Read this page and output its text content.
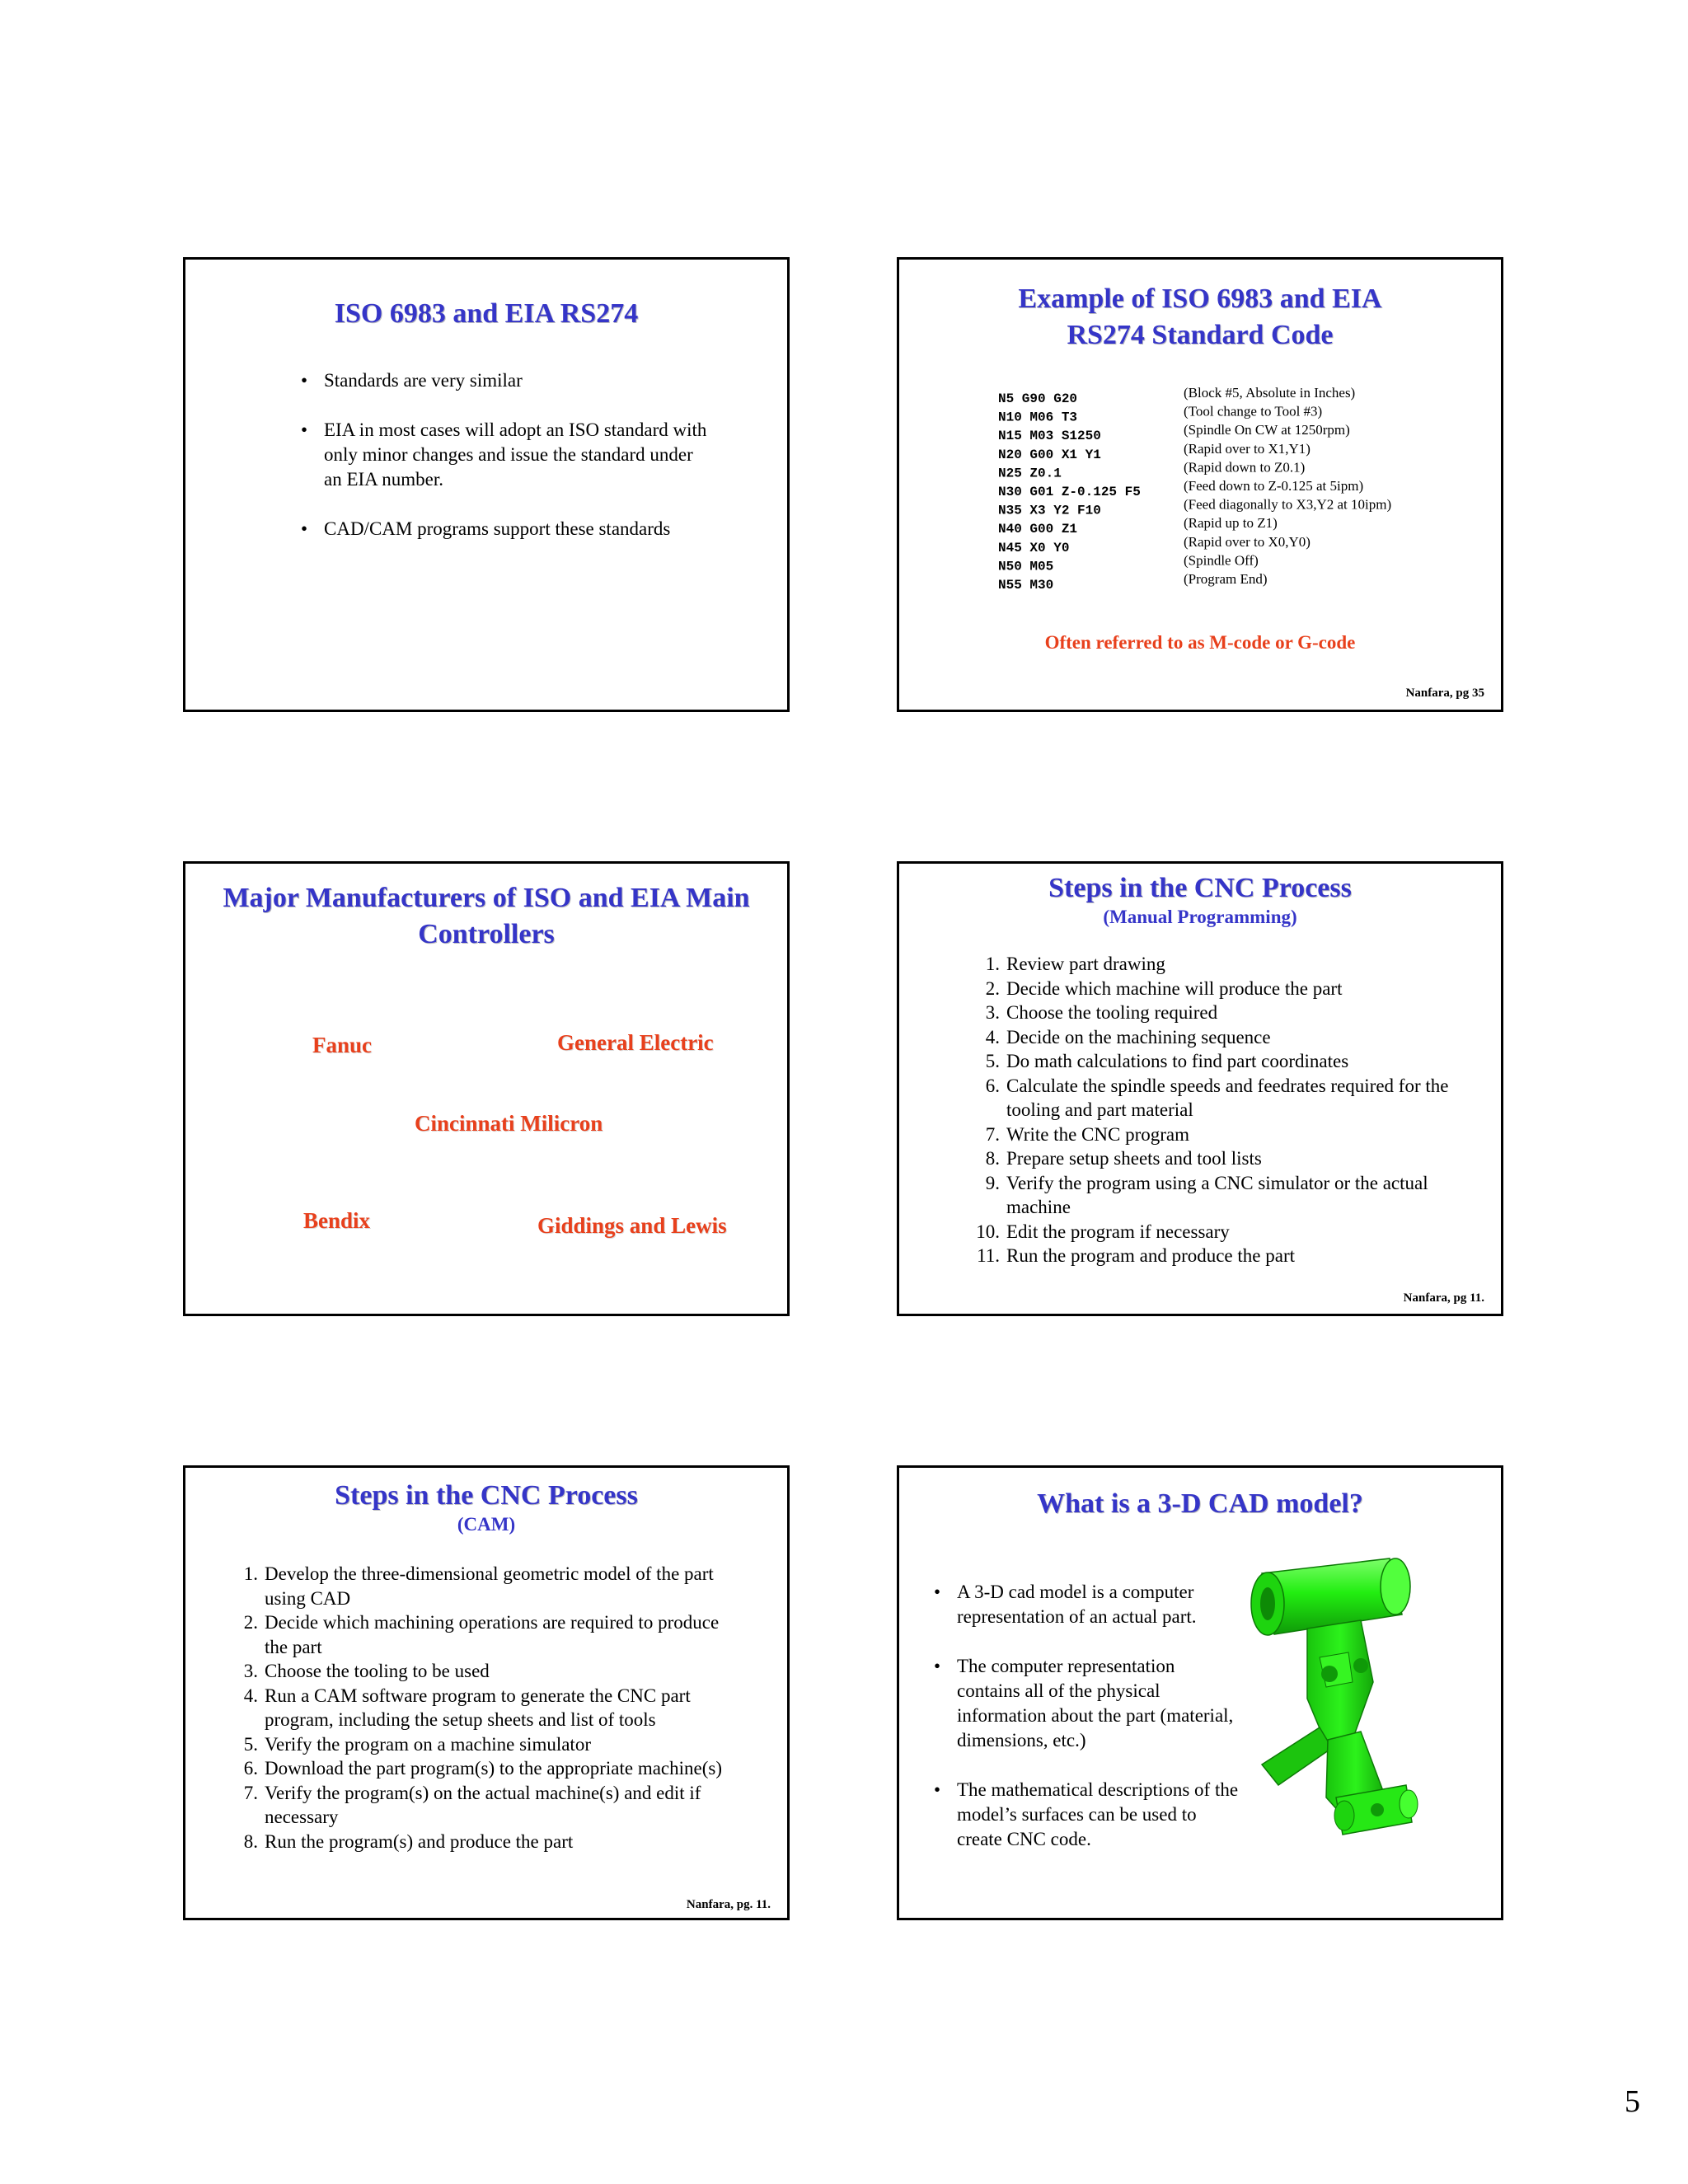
ISO 6983 and EIA RS274
• Standards are very similar
• EIA in most cases will adopt an ISO standard with only minor changes and issue the standard under an EIA number.
• CAD/CAM programs support these standards
Example of ISO 6983 and EIA RS274 Standard Code
N5 G90 G20
N10 M06 T3
N15 M03 S1250
N20 G00 X1 Y1
N25 Z0.1
N30 G01 Z-0.125 F5
N35 X3 Y2 F10
N40 G00 Z1
N45 X0 Y0
N50 M05
N55 M30
(Block #5, Absolute in Inches)
(Tool change to Tool #3)
(Spindle On CW at 1250rpm)
(Rapid over to X1,Y1)
(Rapid down to Z0.1)
(Feed down to Z-0.125 at 5ipm)
(Feed diagonally to X3,Y2 at 10ipm)
(Rapid up to Z1)
(Rapid over to X0,Y0)
(Spindle Off)
(Program End)
Often referred to as M-code or G-code
Nanfara, pg 35
Major Manufacturers of ISO and EIA Main Controllers
Fanuc	General Electric
Cincinnati Milicron
Bendix	Giddings and Lewis
Steps in the CNC Process
(Manual Programming)
1. Review part drawing
2. Decide which machine will produce the part
3. Choose the tooling required
4. Decide on the machining sequence
5. Do math calculations to find part coordinates
6. Calculate the spindle speeds and feedrates required for the tooling and part material
7. Write the CNC program
8. Prepare setup sheets and tool lists
9. Verify the program using a CNC simulator or the actual machine
10. Edit the program if necessary
11. Run the program and produce the part
Nanfara, pg 11.
Steps in the CNC Process
(CAM)
1. Develop the three-dimensional geometric model of the part using CAD
2. Decide which machining operations are required to produce the part
3. Choose the tooling to be used
4. Run a CAM software program to generate the CNC part program, including the setup sheets and list of tools
5. Verify the program on a machine simulator
6. Download the part program(s) to the appropriate machine(s)
7. Verify the program(s) on the actual machine(s) and edit if necessary
8. Run the program(s) and produce the part
Nanfara, pg. 11.
What is a 3-D CAD model?
• A 3-D cad model is a computer representation of an actual part.
• The computer representation contains all of the physical information about the part (material, dimensions, etc.)
• The mathematical descriptions of the model’s surfaces can be used to create CNC code.
5
